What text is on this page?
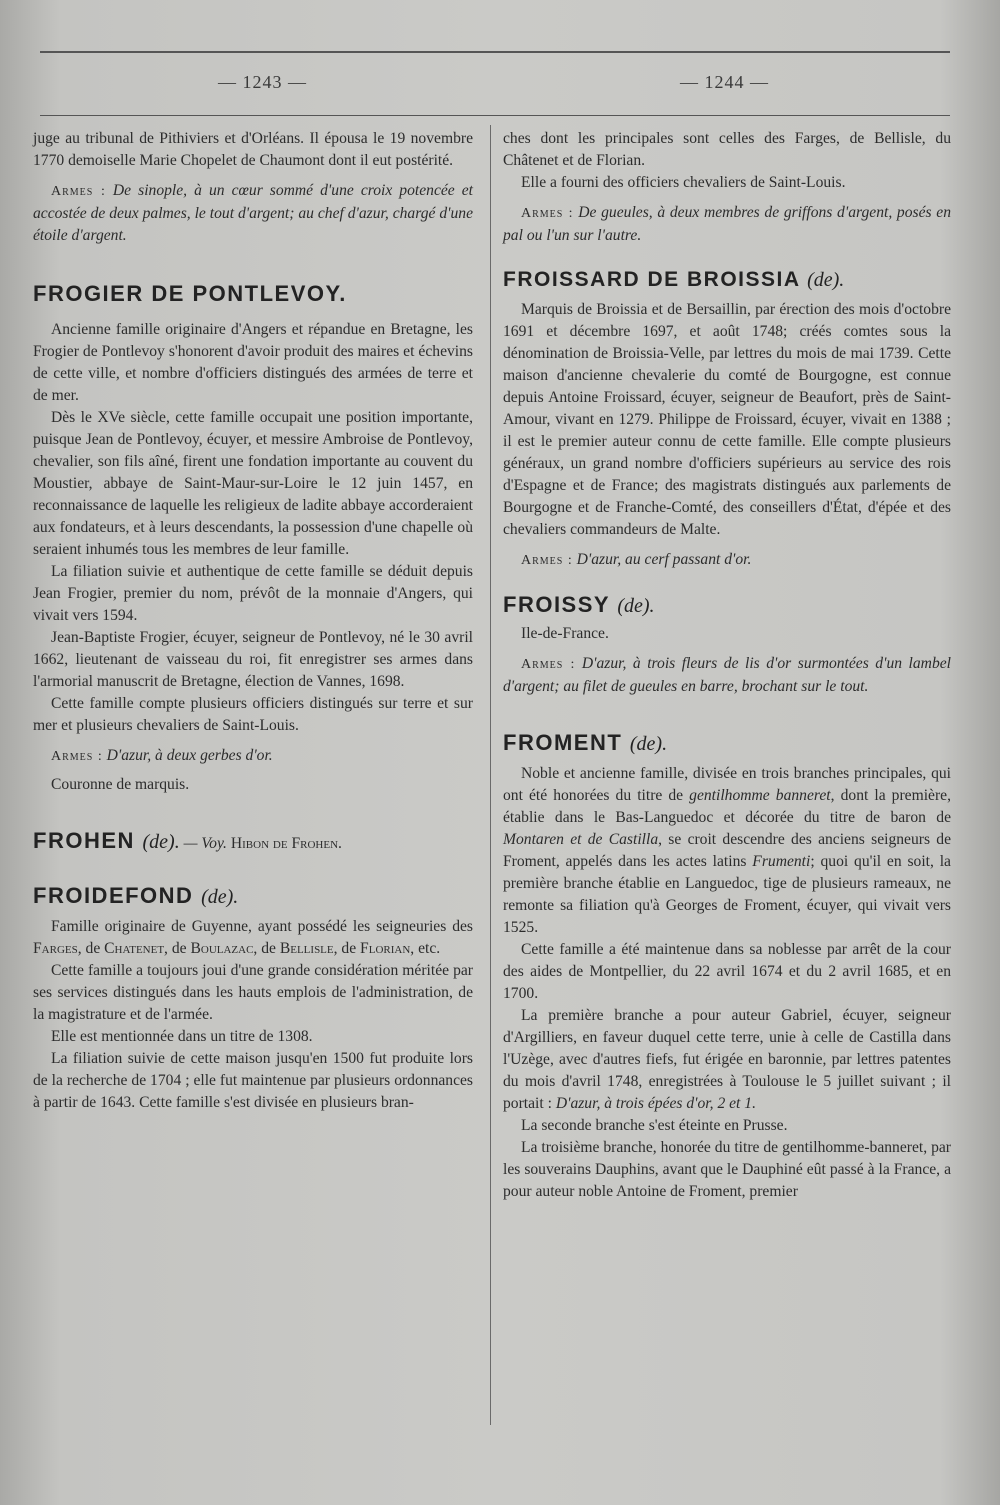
— 1243 —	— 1244 —

juge au tribunal de Pithiviers et d'Orléans. Il épousa le 19 novembre 1770 demoiselle Marie Chopelet de Chaumont dont il eut postérité.

Armes : De sinople, à un cœur sommé d'une croix potencée et accostée de deux palmes, le tout d'argent; au chef d'azur, chargé d'une étoile d'argent.

FROGIER DE PONTLEVOY.

Ancienne famille originaire d'Angers et répandue en Bretagne, les Frogier de Pontlevoy s'honorent d'avoir produit des maires et échevins de cette ville, et nombre d'officiers distingués des armées de terre et de mer.

Dès le XVe siècle, cette famille occupait une position importante, puisque Jean de Pontlevoy, écuyer, et messire Ambroise de Pontlevoy, chevalier, son fils aîné, firent une fondation importante au couvent du Moustier, abbaye de Saint-Maur-sur-Loire le 12 juin 1457, en reconnaissance de laquelle les religieux de ladite abbaye accorderaient aux fondateurs, et à leurs descendants, la possession d'une chapelle où seraient inhumés tous les membres de leur famille.

La filiation suivie et authentique de cette famille se déduit depuis Jean Frogier, premier du nom, prévôt de la monnaie d'Angers, qui vivait vers 1594.

Jean-Baptiste Frogier, écuyer, seigneur de Pontlevoy, né le 30 avril 1662, lieutenant de vaisseau du roi, fit enregistrer ses armes dans l'armorial manuscrit de Bretagne, élection de Vannes, 1698.

Cette famille compte plusieurs officiers distingués sur terre et sur mer et plusieurs chevaliers de Saint-Louis.

Armes : D'azur, à deux gerbes d'or.

Couronne de marquis.

FROHEN (de). — Voy. Hibon de Frohen.
FROIDEFOND (de).

Famille originaire de Guyenne, ayant possédé les seigneuries des Farges, de Chatenet, de Boulazac, de Bellisle, de Florian, etc.

Cette famille a toujours joui d'une grande considération méritée par ses services distingués dans les hauts emplois de l'administration, de la magistrature et de l'armée.

Elle est mentionnée dans un titre de 1308.

La filiation suivie de cette maison jusqu'en 1500 fut produite lors de la recherche de 1704 ; elle fut maintenue par plusieurs ordonnances à partir de 1643. Cette famille s'est divisée en plusieurs bran-

ches dont les principales sont celles des Farges, de Bellisle, du Châtenet et de Florian.

Elle a fourni des officiers chevaliers de Saint-Louis.

Armes : De gueules, à deux membres de griffons d'argent, posés en pal ou l'un sur l'autre.

FROISSARD DE BROISSIA (de).

Marquis de Broissia et de Bersaillin, par érection des mois d'octobre 1691 et décembre 1697, et août 1748; créés comtes sous la dénomination de Broissia-Velle, par lettres du mois de mai 1739. Cette maison d'ancienne chevalerie du comté de Bourgogne, est connue depuis Antoine Froissard, écuyer, seigneur de Beaufort, près de Saint-Amour, vivant en 1279. Philippe de Froissard, écuyer, vivait en 1388 ; il est le premier auteur connu de cette famille. Elle compte plusieurs généraux, un grand nombre d'officiers supérieurs au service des rois d'Espagne et de France; des magistrats distingués aux parlements de Bourgogne et de Franche-Comté, des conseillers d'État, d'épée et des chevaliers commandeurs de Malte.

Armes : D'azur, au cerf passant d'or.

FROISSY (de).

Ile-de-France.

Armes : D'azur, à trois fleurs de lis d'or surmontées d'un lambel d'argent; au filet de gueules en barre, brochant sur le tout.

FROMENT (de).

Noble et ancienne famille, divisée en trois branches principales, qui ont été honorées du titre de gentilhomme banneret, dont la première, établie dans le Bas-Languedoc et décorée du titre de baron de Montaren et de Castilla, se croit descendre des anciens seigneurs de Froment, appelés dans les actes latins Frumenti; quoi qu'il en soit, la première branche établie en Languedoc, tige de plusieurs rameaux, ne remonte sa filiation qu'à Georges de Froment, écuyer, qui vivait vers 1525.

Cette famille a été maintenue dans sa noblesse par arrêt de la cour des aides de Montpellier, du 22 avril 1674 et du 2 avril 1685, et en 1700.

La première branche a pour auteur Gabriel, écuyer, seigneur d'Argilliers, en faveur duquel cette terre, unie à celle de Castilla dans l'Uzège, avec d'autres fiefs, fut érigée en baronnie, par lettres patentes du mois d'avril 1748, enregistrées à Toulouse le 5 juillet suivant ; il portait : D'azur, à trois épées d'or, 2 et 1.

La seconde branche s'est éteinte en Prusse.

La troisième branche, honorée du titre de gentilhomme-banneret, par les souverains Dauphins, avant que le Dauphiné eût passé à la France, a pour auteur noble Antoine de Froment, premier
